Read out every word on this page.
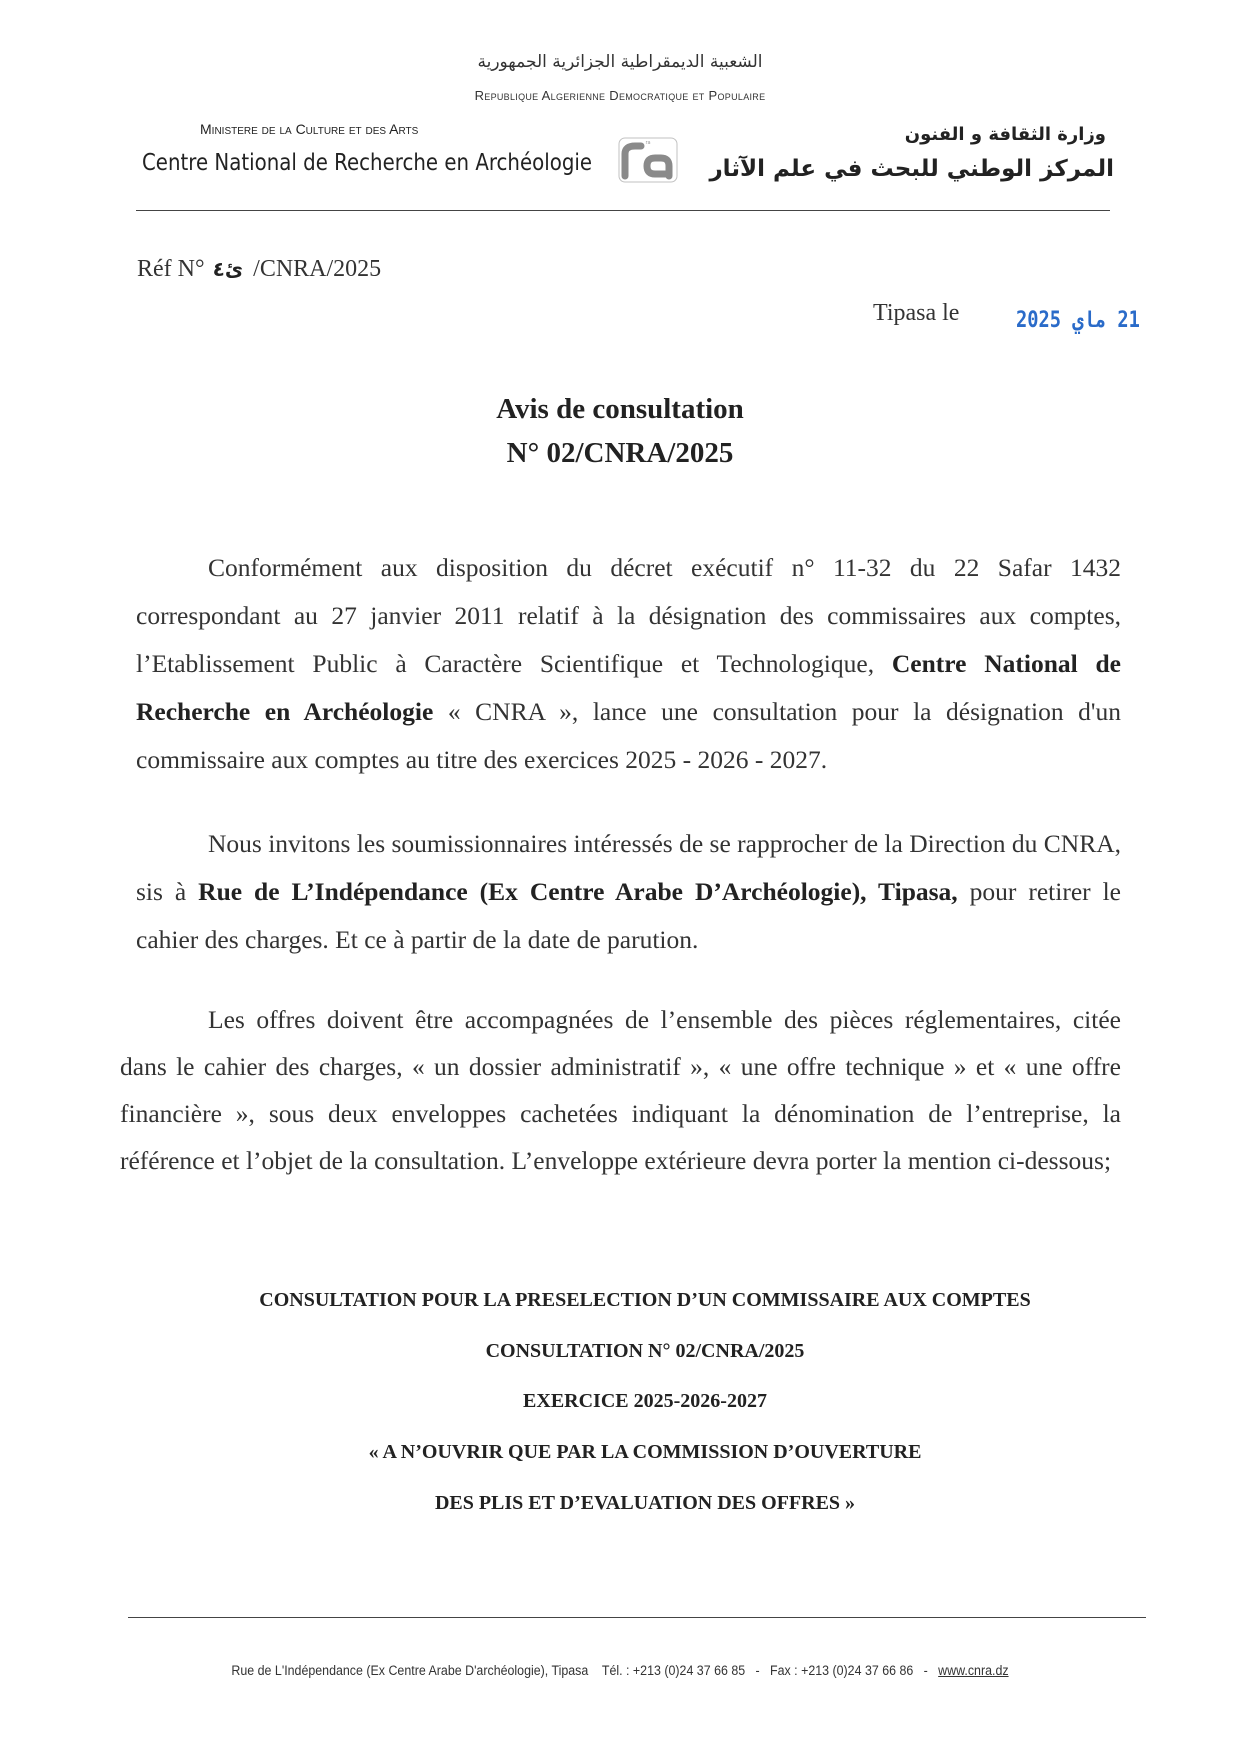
الشعبية الديمقراطية الجزائرية الجمهورية
Republique Algerienne Democratique et Populaire
Ministere de la Culture et des Arts
Centre National de Recherche en Archéologie
وزارة الثقافة و الفنون
المركز الوطني للبحث في علم الآثار
ra
Réf N° ئ٤ /CNRA/2025
Tipasa le	21 ماي 2025
Avis de consultation
N° 02/CNRA/2025
Conformément aux disposition du décret exécutif n° 11-32 du 22 Safar 1432 correspondant au 27 janvier 2011 relatif à la désignation des commissaires aux comptes, l’Etablissement Public à Caractère Scientifique et Technologique, Centre National de Recherche en Archéologie « CNRA », lance une consultation pour la désignation d'un commissaire aux comptes au titre des exercices 2025 - 2026 - 2027.
Nous invitons les soumissionnaires intéressés de se rapprocher de la Direction du CNRA, sis à Rue de L’Indépendance (Ex Centre Arabe D’Archéologie), Tipasa, pour retirer le cahier des charges. Et ce à partir de la date de parution.
Les offres doivent être accompagnées de l’ensemble des pièces réglementaires, citée dans le cahier des charges, « un dossier administratif », « une offre technique » et « une offre financière », sous deux enveloppes cachetées indiquant la dénomination de l’entreprise, la référence et l’objet de la consultation. L’enveloppe extérieure devra porter la mention ci-dessous;
CONSULTATION POUR LA PRESELECTION D’UN COMMISSAIRE AUX COMPTES
CONSULTATION N° 02/CNRA/2025
EXERCICE 2025-2026-2027
« A N’OUVRIR QUE PAR LA COMMISSION D’OUVERTURE
DES PLIS ET D’EVALUATION DES OFFRES »
Rue de L'Indépendance (Ex Centre Arabe D'archéologie), Tipasa Tél. : +213 (0)24 37 66 85 - Fax : +213 (0)24 37 66 86 - www.cnra.dz
